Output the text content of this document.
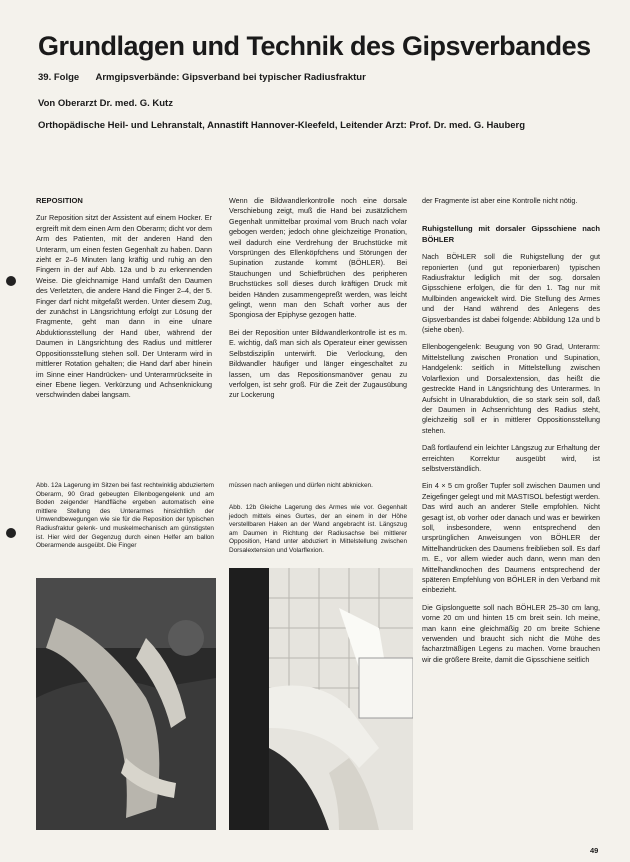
Grundlagen und Technik des Gipsverbandes
39. Folge Armgipsverbände: Gipsverband bei typischer Radiusfraktur
Von Oberarzt Dr. med. G. Kutz
Orthopädische Heil- und Lehranstalt, Annastift Hannover-Kleefeld, Leitender Arzt: Prof. Dr. med. G. Hauberg

REPOSITION

Zur Reposition sitzt der Assistent auf einem Hocker. Er ergreift mit dem einen Arm den Oberarm; dicht vor dem Arm des Patienten, mit der anderen Hand den Unterarm, um einen festen Gegenhalt zu haben. Dann zieht er 2–6 Minuten lang kräftig und ruhig an den Fingern in der auf Abb. 12a und b zu erkennenden Weise. Die gleichnamige Hand umfaßt den Daumen des Verletzten, die andere Hand die Finger 2–4, der 5. Finger darf nicht mitgefaßt werden. Unter diesem Zug, der zunächst in Längsrichtung erfolgt zur Lösung der Fragmente, geht man dann in eine ulnare Abduktionsstellung der Hand über, während der Daumen in Längsrichtung des Radius und mittlerer Oppositionsstellung stehen soll. Der Unterarm wird in mittlerer Rotation gehalten; die Hand darf aber hinein im Sinne einer Handrücken- und Unterarmrückseite in einer Ebene liegen. Verkürzung und Achsenknickung verschwinden dabei langsam.

Wenn die Bildwandlerkontrolle noch eine dorsale Verschiebung zeigt, muß die Hand bei zusätzlichem Gegenhalt unmittelbar proximal vom Bruch nach volar gebogen werden; jedoch ohne gleichzeitige Pronation, weil dadurch eine Verdrehung der Bruchstücke mit Vorsprüngen des Ellenköpfchens und Störungen der Supination zustande kommt (BÖHLER). Bei Stauchungen und Schiefbrüchen des peripheren Bruchstückes soll dieses durch kräftigen Druck mit beiden Händen zusammengepreßt werden, was leicht gelingt, wenn man den Schaft vorher aus der Spongiosa der Epiphyse gezogen hatte.

Bei der Reposition unter Bildwandlerkontrolle ist es m. E. wichtig, daß man sich als Operateur einer gewissen Selbstdisziplin unterwirft. Die Verlockung, den Bildwandler häufiger und länger eingeschaltet zu lassen, um das Repositionsmanöver genau zu verfolgen, ist sehr groß. Für die Zeit der Zugausübung zur Lockerung

der Fragmente ist aber eine Kontrolle nicht nötig.

Ruhigstellung mit dorsaler Gipsschiene nach BÖHLER

Nach BÖHLER soll die Ruhigstellung der gut reponierten (und gut reponierbaren) typischen Radiusfraktur lediglich mit der sog. dorsalen Gipsschiene erfolgen, die für den 1. Tag nur mit Mullbinden angewickelt wird. Die Stellung des Armes und der Hand während des Anlegens des Gipsverbandes ist dabei folgende: Abbildung 12a und b (siehe oben).

Ellenbogengelenk: Beugung von 90 Grad, Unterarm: Mittelstellung zwischen Pronation und Supination, Handgelenk: seitlich in Mittelstellung zwischen Volarflexion und Dorsalextension, das heißt die gestreckte Hand in Längsrichtung des Unterarmes. In Aufsicht in Ulnarabduktion, die so stark sein soll, daß der Daumen in Achsenrichtung des Radius steht, gleichzeitig soll er in mittlerer Oppositionsstellung stehen.

Daß fortlaufend ein leichter Längszug zur Erhaltung der erreichten Korrektur ausgeübt wird, ist selbstverständlich.

Ein 4 × 5 cm großer Tupfer soll zwischen Daumen und Zeigefinger gelegt und mit MASTISOL befestigt werden. Das wird auch an anderer Stelle empfohlen. Nicht gesagt ist, ob vorher oder danach und was er bewirken soll, insbesondere, wenn entsprechend den ursprünglichen Anweisungen von BÖHLER der Mittelhandrücken des Daumens freiblieben soll. Es darf m. E., vor allem wieder auch dann, wenn man den Mittelhandknochen des Daumens entsprechend der späteren Empfehlung von BÖHLER in den Verband mit einbezieht.

Die Gipslonguette soll nach BÖHLER 25–30 cm lang, vorne 20 cm und hinten 15 cm breit sein. Ich meine, man kann eine gleichmäßig 20 cm breite Schiene verwenden und braucht sich nicht die Mühe des facharztmäßigen Legens zu machen. Vorne brauchen wir die größere Breite, damit die Gipsschiene seitlich

Abb. 12a Lagerung im Sitzen bei fast rechtwinklig abduziertem Oberarm, 90 Grad gebeugten Ellenbogengelenk und am Boden zeigender Handfläche ergeben automatisch eine mittlere Stellung des Unterarmes hinsichtlich der Umwendbewegungen wie sie für die Reposition der typischen Radiusfraktur gelenk- und muskelmechanisch am günstigsten ist. Hier wird der Gegenzug durch einen Helfer am ballon Oberarmende ausgeübt. Die Finger
müssen nach anliegen und dürfen nicht abknicken.
Abb. 12b Gleiche Lagerung des Armes wie vor. Gegenhalt jedoch mittels eines Gurtes, der an einem in der Höhe verstellbaren Haken an der Wand angebracht ist. Längszug am Daumen in Richtung der Radiusachse bei mittlerer Opposition, Hand unter abduziert in Mittelstellung zwischen Dorsalextension und Volarflexion.
49
